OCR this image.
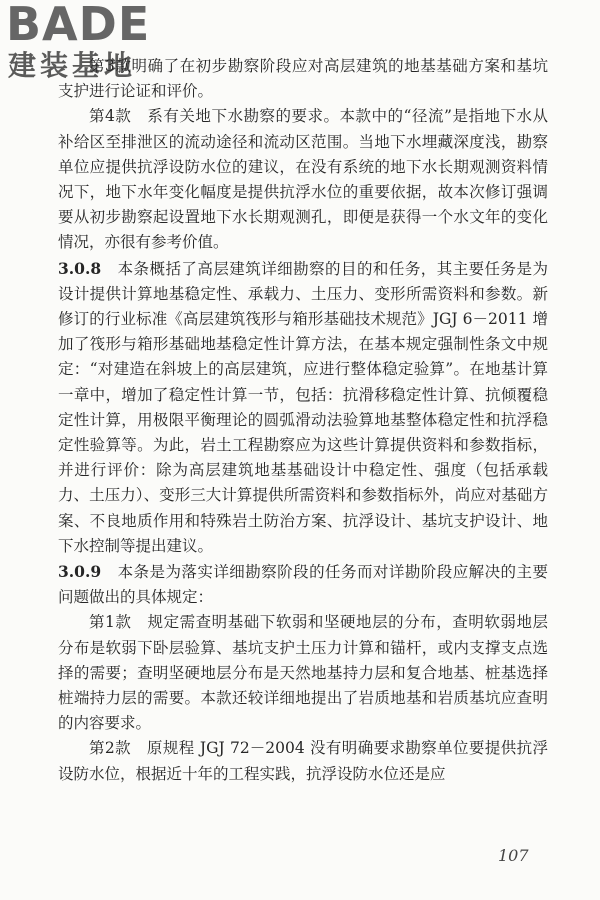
BADE
建装基地

第3款明确了在初步勘察阶段应对高层建筑的地基基础方案和基坑支护进行论证和评价。

第4款　系有关地下水勘察的要求。本款中的“径流”是指地下水从补给区至排泄区的流动途径和流动区范围。当地下水埋藏深度浅，勘察单位应提供抗浮设防水位的建议，在没有系统的地下水长期观测资料情况下，地下水年变化幅度是提供抗浮水位的重要依据，故本次修订强调要从初步勘察起设置地下水长期观测孔，即便是获得一个水文年的变化情况，亦很有参考价值。

3.0.8　 本条概括了高层建筑详细勘察的目的和任务，其主要任务是为设计提供计算地基稳定性、承载力、土压力、变形所需资料和参数。新修订的行业标准《高层建筑筏形与箱形基础技术规范》JGJ 6－2011 增加了筏形与箱形基础地基稳定性计算方法，在基本规定强制性条文中规定：“对建造在斜坡上的高层建筑，应进行整体稳定验算”。在地基计算一章中，增加了稳定性计算一节，包括：抗滑移稳定性计算、抗倾覆稳定性计算，用极限平衡理论的圆弧滑动法验算地基整体稳定性和抗浮稳定性验算等。为此，岩土工程勘察应为这些计算提供资料和参数指标，并进行评价：除为高层建筑地基基础设计中稳定性、强度（包括承载力、土压力）、变形三大计算提供所需资料和参数指标外，尚应对基础方案、不良地质作用和特殊岩土防治方案、抗浮设计、基坑支护设计、地下水控制等提出建议。

3.0.9　 本条是为落实详细勘察阶段的任务而对详勘阶段应解决的主要问题做出的具体规定：

第1款　规定需查明基础下软弱和坚硬地层的分布，查明软弱地层分布是软弱下卧层验算、基坑支护土压力计算和锚杆，或内支撑支点选择的需要；查明坚硬地层分布是天然地基持力层和复合地基、桩基选择桩端持力层的需要。本款还较详细地提出了岩质地基和岩质基坑应查明的内容要求。

第2款　原规程 JGJ 72－2004 没有明确要求勘察单位要提供抗浮设防水位，根据近十年的工程实践，抗浮设防水位还是应

107
